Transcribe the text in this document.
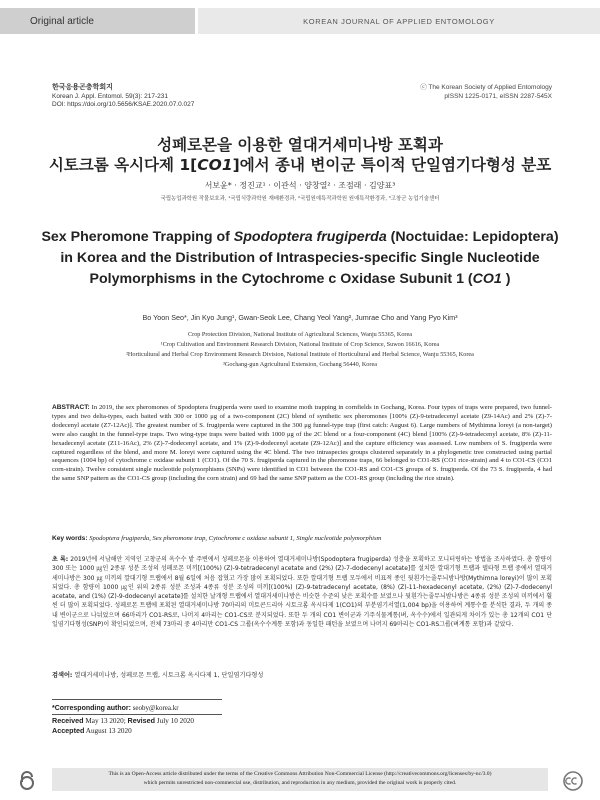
Original article	KOREAN JOURNAL OF APPLIED ENTOMOLOGY
한국응용곤충학회지
Korean J. Appl. Entomol. 59(3): 217-231
DOI: https://doi.org/10.5656/KSAE.2020.07.0.027
ⓒ The Korean Society of Applied Entomology
pISSN 1225-0171, eISSN 2287-545X
성페로몬을 이용한 열대거세미나방 포획과
시토크롬 옥시다제 1[CO1]에서 종내 변이군 특이적 단일염기다형성 분포
서보윤* · 정진교¹ · 이관석 · 양창열² · 조점래 · 김양표³
국립농업과학원 작물보호과, ¹국립식량과학원 재배환경과, ²국립원예특작과학원 원예특작환경과, ³고창군 농업기술센터
Sex Pheromone Trapping of Spodoptera frugiperda (Noctuidae: Lepidoptera)
in Korea and the Distribution of Intraspecies-specific Single Nucleotide
Polymorphisms in the Cytochrome c Oxidase Subunit 1 (CO1 )
Bo Yoon Seo*, Jin Kyo Jung¹, Gwan-Seok Lee, Chang Yeol Yang², Jumrae Cho and Yang Pyo Kim³
Crop Protection Division, National Institute of Agricultural Sciences, Wanju 55365, Korea
¹Crop Cultivation and Environment Research Division, National Institute of Crop Science, Suwon 16616, Korea
²Horticultural and Herbal Crop Environment Research Division, National Institute of Horticultural and Herbal Science, Wanju 55365, Korea
³Gochang-gun Agricultural Extension, Gochang 56440, Korea
ABSTRACT: In 2019, the sex pheromones of Spodoptera frugiperda were used to examine moth trapping in cornfields in Gochang, Korea. Four types of traps were prepared, two funnel-types and two delta-types, each baited with 300 or 1000 μg of a two-component (2C) blend of synthetic sex pheromones [100% (Z)-9-tetradecenyl acetate (Z9-14Ac) and 2% (Z)-7-dodecenyl acetate (Z7-12Ac)]. The greatest number of S. frugiperda were captured in the 300 μg funnel-type trap (first catch: August 6). Large numbers of Mythimna loreyi (a non-target) were also caught in the funnel-type traps. Two wing-type traps were baited with 1000 μg of the 2C blend or a four-component (4C) blend [100% (Z)-9-tetradecenyl acetate, 8% (Z)-11-hexadecenyl acetate (Z11-16Ac), 2% (Z)-7-dodecenyl acetate, and 1% (Z)-9-dodecenyl acetate (Z9-12Ac)] and the capture efficiency was assessed. Low numbers of S. frugiperda were captured regardless of the blend, and more M. loreyi were captured using the 4C blend. The two intraspecies groups clustered separately in a phylogenetic tree constructed using partial sequences (1004 bp) of cytochrome c oxidase subunit 1 (CO1). Of the 70 S. frugiperda captured in the pheromone traps, 66 belonged to CO1-RS (CO1 rice-strain) and 4 to CO1-CS (CO1 corn-strain). Twelve consistent single nucleotide polymorphisms (SNPs) were identified in CO1 between the CO1-RS and CO1-CS groups of S. frugiperda. Of the 73 S. frugiperda, 4 had the same SNP pattern as the CO1-CS group (including the corn strain) and 69 had the same SNP pattern as the CO1-RS group (including the rice strain).
Key words: Spodoptera frugiperda, Sex pheromone trap, Cytochrome c oxidase subunit 1, Single nucleotide polymorphism
초 록: 2019년에 서남해안 지역인 고창군의 옥수수 밭 주변에서 성페로몬을 이용하여 열대거세미나방(Spodoptera frugiperda) 성충을 포획하고 모니터링하는 방법을 조사하였다. 총 함량이 300 또는 1000 ㎍인 2종류 성분 조성의 성페로몬 미끼[(100%) (Z)-9-tetradecenyl acetate and (2%) (Z)-7-dodecenyl acetate]를 설치한 깔대기형 트랩과 델타형 트랩 중에서 열대거세미나방은 300 ㎍ 미끼의 깔대기형 트랩에서 8월 6일에 처음 잡혔고 가장 많이 포획되었다. 또한 깔대기형 트랩 모두에서 비표적 종인 뒷흰가는줄무늬밤나방(Mythimna loreyi)이 많이 포획되었다. 총 함량이 1000 ㎍인 위의 2종류 성분 조성과 4종류 성분 조성의 미끼[(100%) (Z)-9-tetradecenyl acetate, (8%) (Z)-11-hexadecenyl acetate, (2%) (Z)-7-dodecenyl acetate, and (1%) (Z)-9-dodecenyl acetate]를 설치한 날개형 트랩에서 열대거세미나방은 비슷한 수준의 낮은 포획수를 보였으나 뒷흰가는줄무늬밤나방은 4종류 성분 조성의 미끼에서 훨씬 더 많이 포획되었다. 성페로몬 트랩에 포획된 열대거세미나방 70마리의 미토콘드리아 시토크롬 옥시다제 1(CO1)의 부분염기서열(1,004 bp)을 이용하여 계통수를 분석한 결과, 두 개의 종내 변이군으로 나뉘었으며 66마리가 CO1-RS로, 나머지 4마리는 CO1-CS로 분지되었다. 또한 두 개의 CO1 변이군과 기주식물계통(벼, 옥수수)에서 일관되게 차이가 있는 총 12개의 CO1 단일염기다형성(SNP)이 확인되었으며, 전체 73마리 중 4마리만 CO1-CS 그룹(옥수수계통 포함)과 동일한 패턴을 보였으며 나머지 69마리는 CO1-RS그룹(벼계통 포함)과 같았다.
검색어: 열대거세미나방, 성페로몬 트랩, 시토크롬 옥시다제 1, 단일염기다형성
*Corresponding author: seoby@korea.kr
Received May 13 2020; Revised July 10 2020
Accepted August 13 2020
This is an Open-Access article distributed under the terms of the Creative Commons Attribution Non-Commercial License (http://creativecommons.org/licenses/by-nc/3.0)
which permits unrestricted non-commercial use, distribution, and reproduction in any medium, provided the original work is properly cited.
